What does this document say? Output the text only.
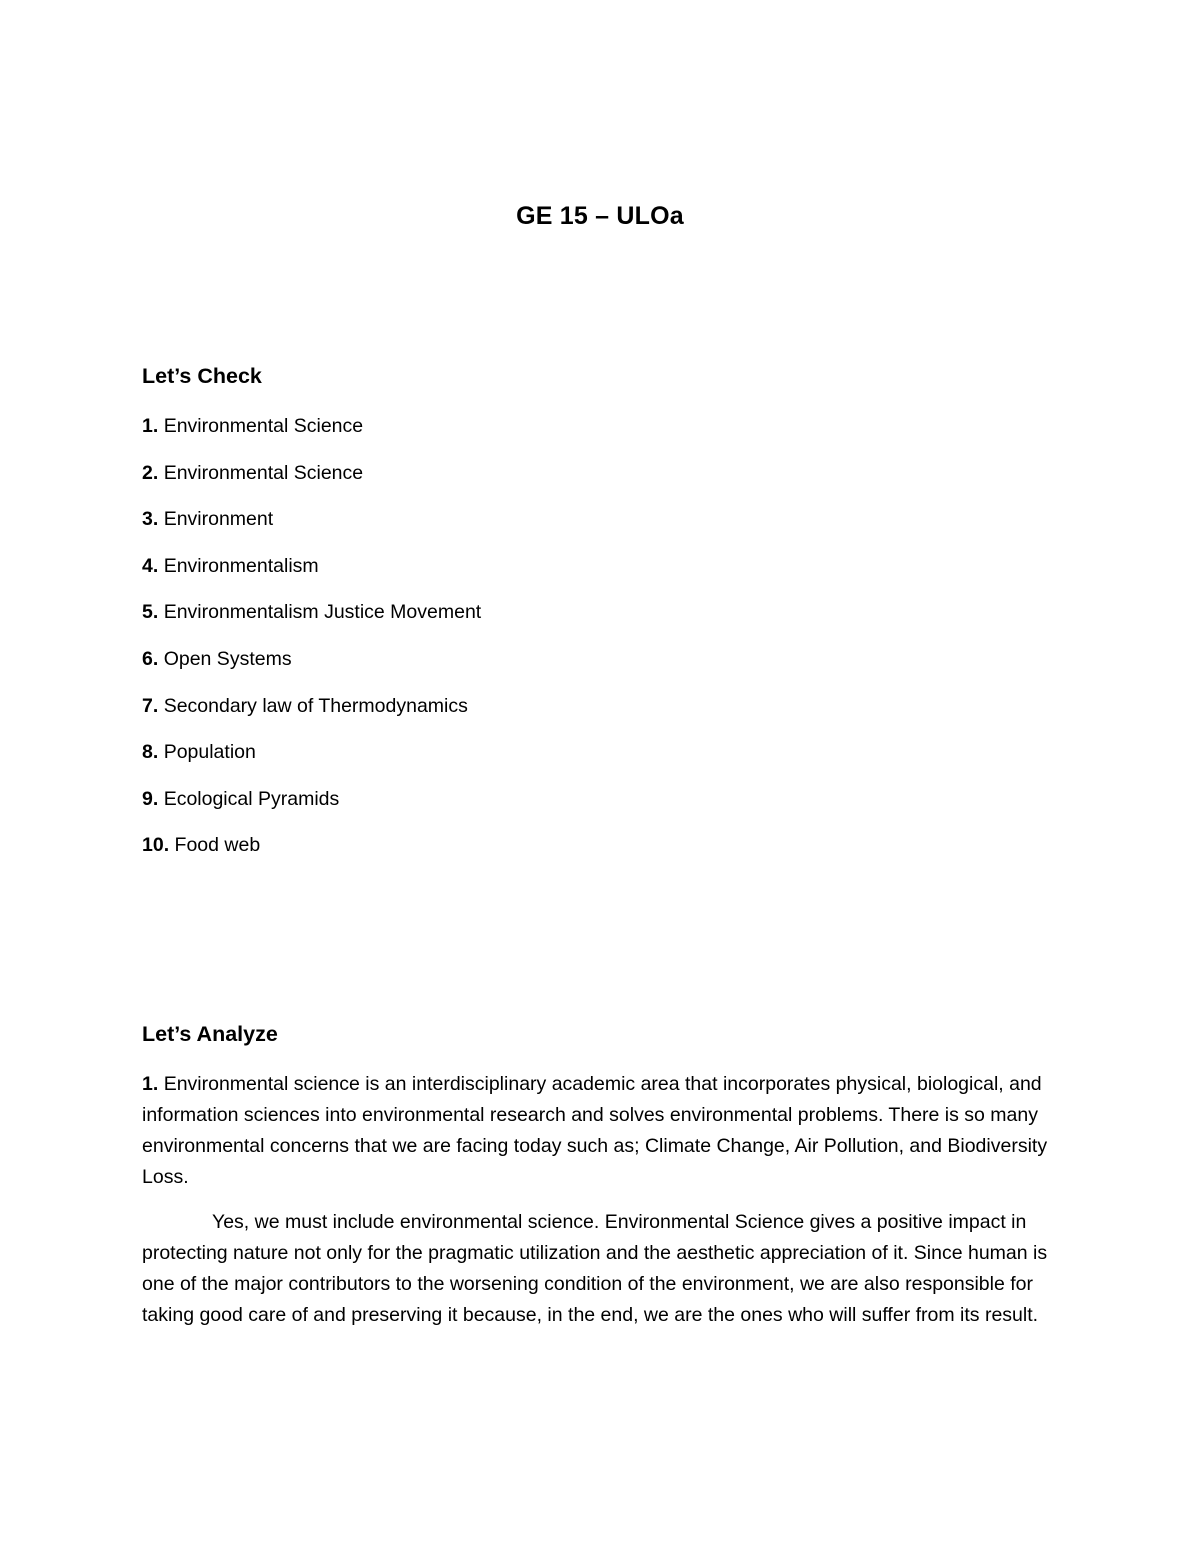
GE 15 – ULOa
Let’s Check
1. Environmental Science
2. Environmental Science
3. Environment
4. Environmentalism
5. Environmentalism Justice Movement
6. Open Systems
7. Secondary law of Thermodynamics
8. Population
9. Ecological Pyramids
10. Food web
Let’s Analyze

1. Environmental science is an interdisciplinary academic area that incorporates physical, biological, and information sciences into environmental research and solves environmental problems. There is so many environmental concerns that we are facing today such as; Climate Change, Air Pollution, and Biodiversity Loss.

Yes, we must include environmental science. Environmental Science gives a positive impact in protecting nature not only for the pragmatic utilization and the aesthetic appreciation of it. Since human is one of the major contributors to the worsening condition of the environment, we are also responsible for taking good care of and preserving it because, in the end, we are the ones who will suffer from its result.
